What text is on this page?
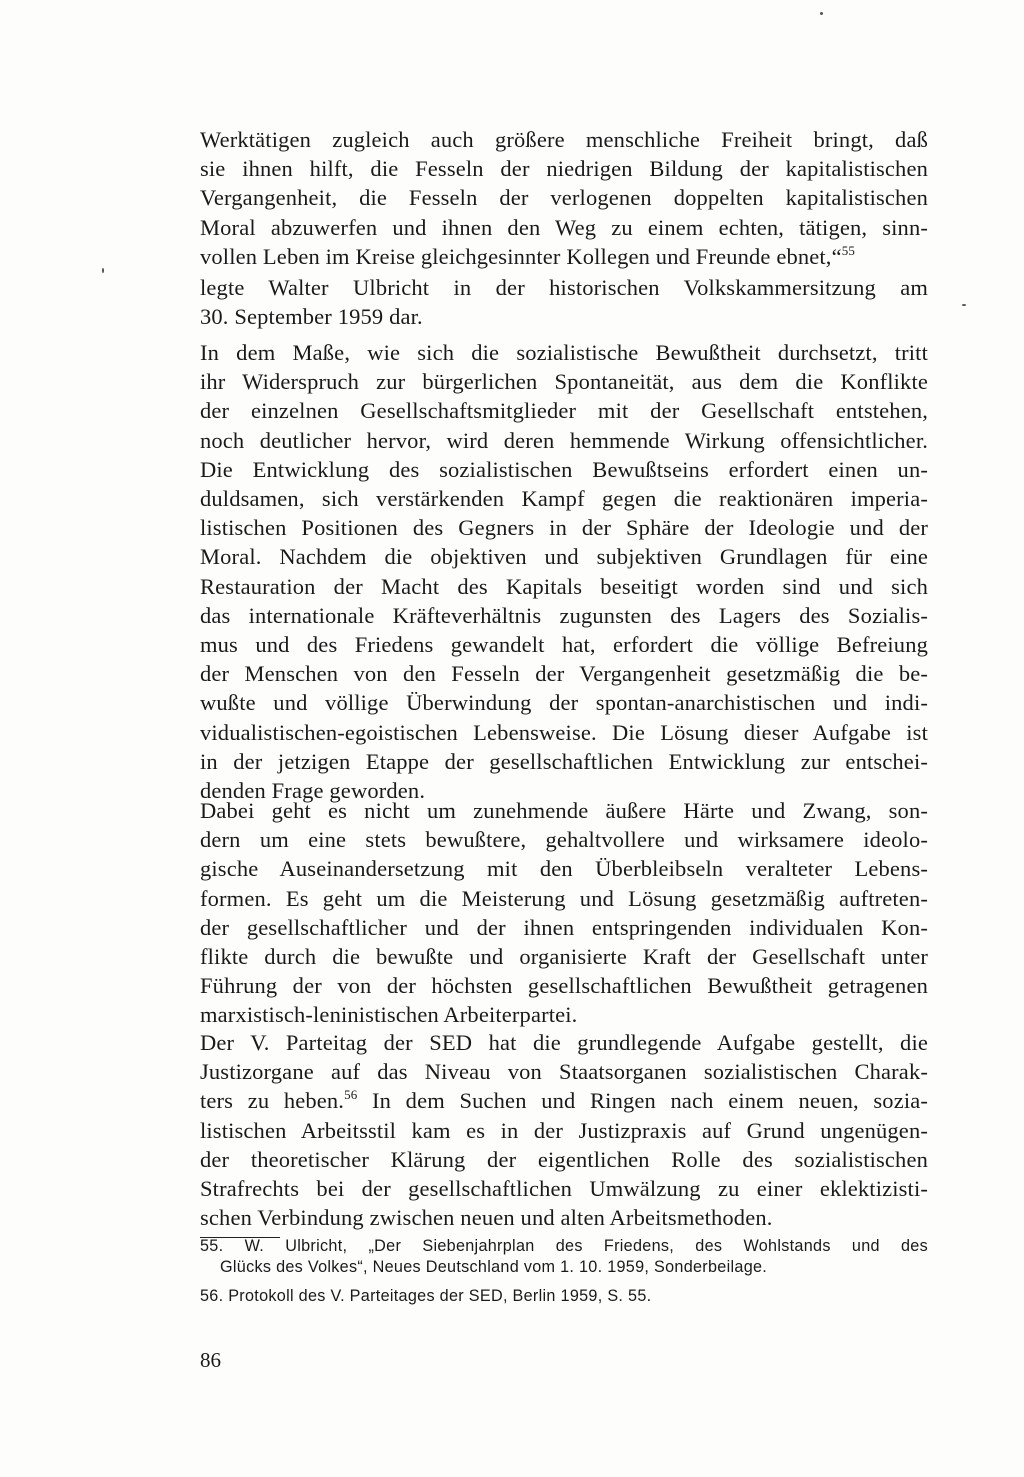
Werktätigen zugleich auch größere menschliche Freiheit bringt, daß
sie ihnen hilft, die Fesseln der niedrigen Bildung der kapitalistischen
Vergangenheit, die Fesseln der verlogenen doppelten kapitalistischen
Moral abzuwerfen und ihnen den Weg zu einem echten, tätigen, sinn-
vollen Leben im Kreise gleichgesinnter Kollegen und Freunde ebnet,“$^{55}$
legte Walter Ulbricht in der historischen Volkskammersitzung am
30. September 1959 dar.
In dem Maße, wie sich die sozialistische Bewußtheit durchsetzt, tritt
ihr Widerspruch zur bürgerlichen Spontaneität, aus dem die Konflikte
der einzelnen Gesellschaftsmitglieder mit der Gesellschaft entstehen,
noch deutlicher hervor, wird deren hemmende Wirkung offensichtlicher.
Die Entwicklung des sozialistischen Bewußtseins erfordert einen un-
duldsamen, sich verstärkenden Kampf gegen die reaktionären imperia-
listischen Positionen des Gegners in der Sphäre der Ideologie und der
Moral. Nachdem die objektiven und subjektiven Grundlagen für eine
Restauration der Macht des Kapitals beseitigt worden sind und sich
das internationale Kräfteverhältnis zugunsten des Lagers des Sozialis-
mus und des Friedens gewandelt hat, erfordert die völlige Befreiung
der Menschen von den Fesseln der Vergangenheit gesetzmäßig die be-
wußte und völlige Überwindung der spontan-anarchistischen und indi-
vidualistischen-egoistischen Lebensweise. Die Lösung dieser Aufgabe ist
in der jetzigen Etappe der gesellschaftlichen Entwicklung zur entschei-
denden Frage geworden.
Dabei geht es nicht um zunehmende äußere Härte und Zwang, son-
dern um eine stets bewußtere, gehaltvollere und wirksamere ideolo-
gische Auseinandersetzung mit den Überbleibseln veralteter Lebens-
formen. Es geht um die Meisterung und Lösung gesetzmäßig auftreten-
der gesellschaftlicher und der ihnen entspringenden individualen Kon-
flikte durch die bewußte und organisierte Kraft der Gesellschaft unter
Führung der von der höchsten gesellschaftlichen Bewußtheit getragenen
marxistisch-leninistischen Arbeiterpartei.
Der V. Parteitag der SED hat die grundlegende Aufgabe gestellt, die
Justizorgane auf das Niveau von Staatsorganen sozialistischen Charak-
ters zu heben.$^{56}$ In dem Suchen und Ringen nach einem neuen, sozia-
listischen Arbeitsstil kam es in der Justizpraxis auf Grund ungenügen-
der theoretischer Klärung der eigentlichen Rolle des sozialistischen
Strafrechts bei der gesellschaftlichen Umwälzung zu einer eklektizisti-
schen Verbindung zwischen neuen und alten Arbeitsmethoden.
55. W. Ulbricht, „Der Siebenjahrplan des Friedens, des Wohlstands und des
Glücks des Volkes“, Neues Deutschland vom 1. 10. 1959, Sonderbeilage.
56. Protokoll des V. Parteitages der SED, Berlin 1959, S. 55.
86
